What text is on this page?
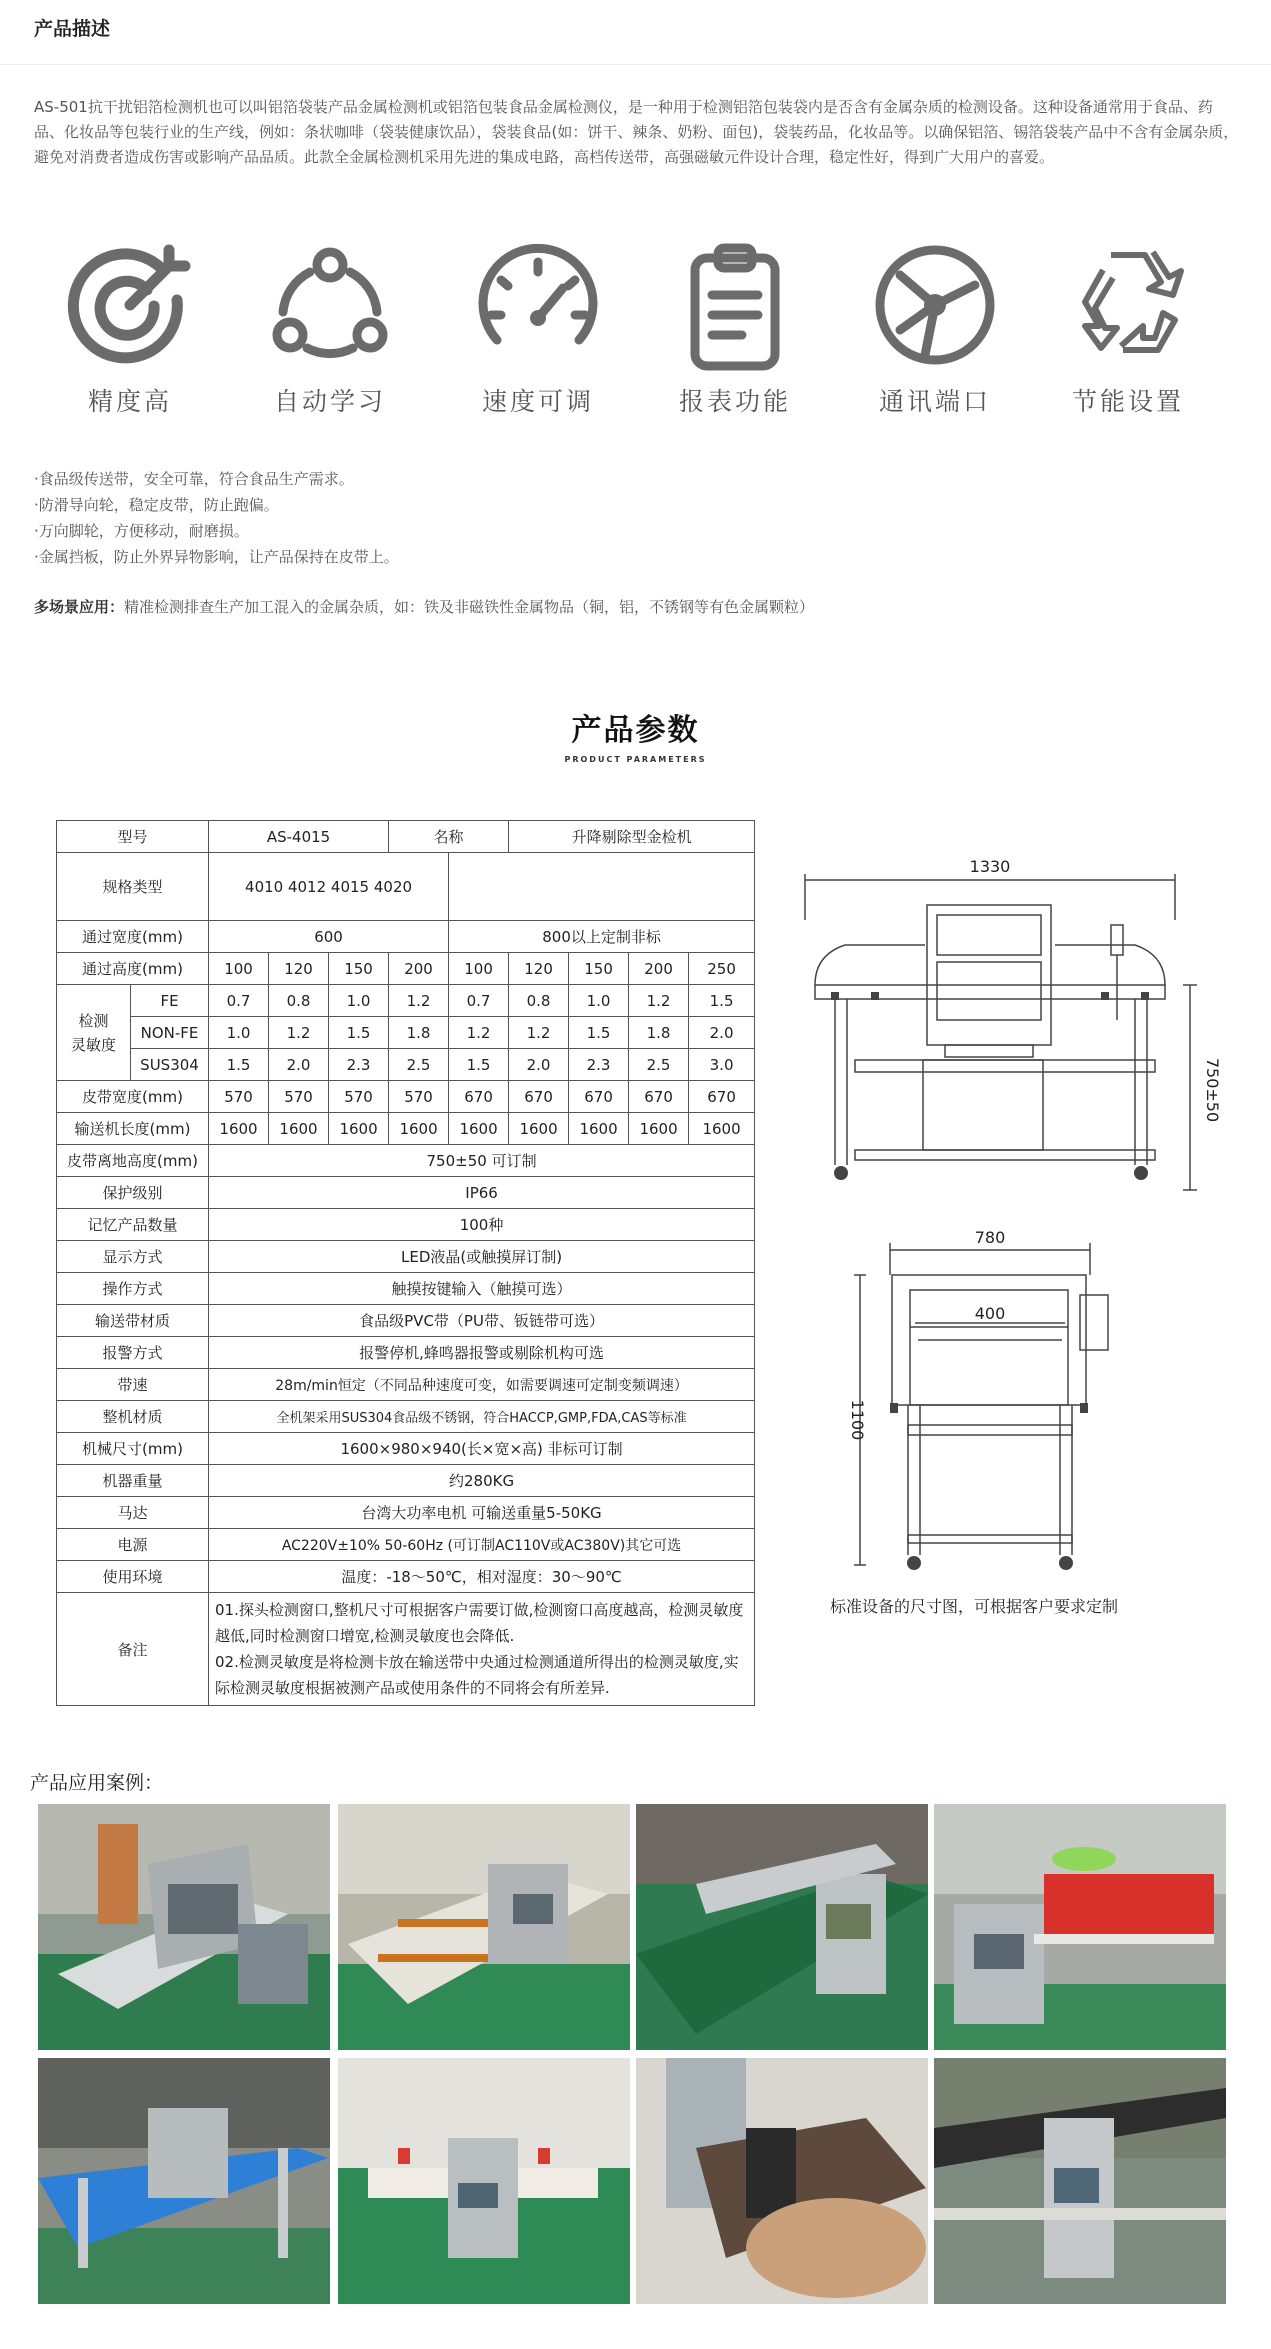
产品描述
AS-501抗干扰铝箔检测机也可以叫铝箔袋装产品金属检测机或铝箔包装食品金属检测仪，是一种用于检测铝箔包装袋内是否含有金属杂质的检测设备。这种设备通常用于食品、药品、化妆品等包装行业的生产线，例如：条状咖啡（袋装健康饮品），袋装食品(如：饼干、辣条、奶粉、面包)，袋装药品，化妆品等。以确保铝箔、锡箔袋装产品中不含有金属杂质，避免对消费者造成伤害或影响产品品质。此款全金属检测机采用先进的集成电路，高档传送带，高强磁敏元件设计合理，稳定性好，得到广大用户的喜爱。
精度高	自动学习	速度可调	报表功能	通讯端口	节能设置
·食品级传送带，安全可靠，符合食品生产需求。
·防滑导向轮，稳定皮带，防止跑偏。
·万向脚轮，方便移动，耐磨损。
·金属挡板，防止外界异物影响，让产品保持在皮带上。
多场景应用：精准检测排查生产加工混入的金属杂质，如：铁及非磁铁性金属物品（铜，铝，不锈钢等有色金属颗粒）
产品参数
PRODUCT PARAMETERS
型号		AS-4015			名称		升降剔除型金检机			
规格类型		4010 4012 4015 4020								
通过宽度(mm)		600				800以上定制非标				
通过高度(mm)		100	120	150	200	100	120	150	200	250
检测
灵敏度	FE	0.7	0.8	1.0	1.2	0.7	0.8	1.0	1.2	1.5
	NON-FE	1.0	1.2	1.5	1.8	1.2	1.2	1.5	1.8	2.0
	SUS304	1.5	2.0	2.3	2.5	1.5	2.0	2.3	2.5	3.0
皮带宽度(mm)		570	570	570	570	670	670	670	670	670
输送机长度(mm)		1600	1600	1600	1600	1600	1600	1600	1600	1600
皮带离地高度(mm)		750±50 可订制								
保护级别		IP66								
记忆产品数量		100种								
显示方式		LED液晶(或触摸屏订制)								
操作方式		触摸按键输入（触摸可选）								
输送带材质		食品级PVC带（PU带、钣链带可选）								
报警方式		报警停机,蜂鸣器报警或剔除机构可选								
带速		28m/min恒定（不同品种速度可变，如需要调速可定制变频调速）								
整机材质		全机架采用SUS304食品级不锈钢，符合HACCP,GMP,FDA,CAS等标准								
机械尺寸(mm)		1600×980×940(长×宽×高) 非标可订制								
机器重量		约280KG								
马达		台湾大功率电机 可输送重量5-50KG								
电源		AC220V±10% 50-60Hz (可订制AC110V或AC380V)其它可选								
使用环境		温度：-18～50℃，相对湿度：30～90℃								
备注		01.探头检测窗口,整机尺寸可根据客户需要订做,检测窗口高度越高，检测灵敏度越低,同时检测窗口增宽,检测灵敏度也会降低.
02.检测灵敏度是将检测卡放在输送带中央通过检测通道所得出的检测灵敏度,实际检测灵敏度根据被测产品或使用条件的不同将会有所差异.								
1330
750±50
780
400
1100
标准设备的尺寸图，可根据客户要求定制
产品应用案例：
